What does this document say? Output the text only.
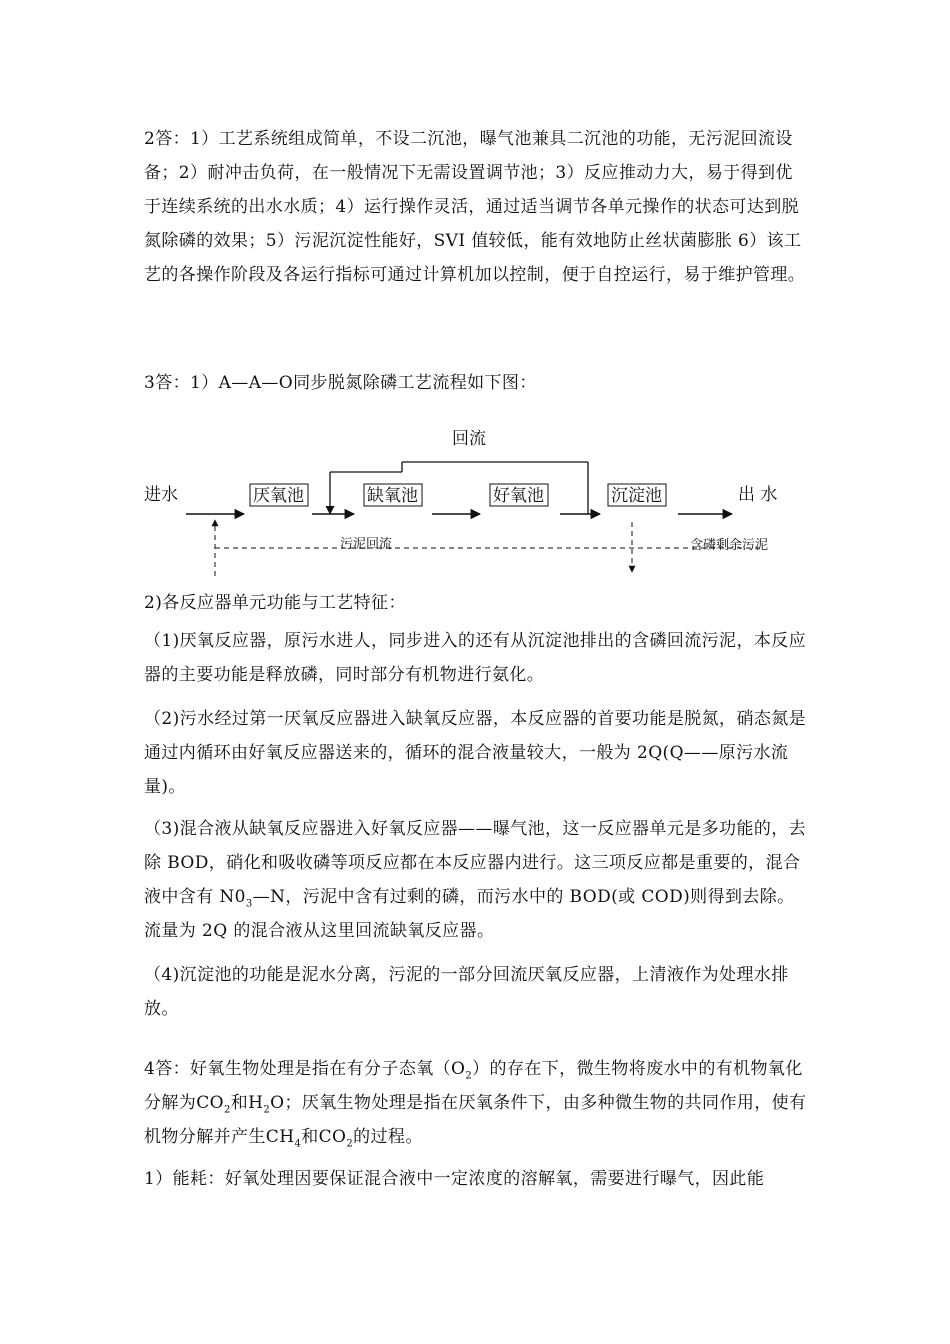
2答：1）工艺系统组成简单，不设二沉池，曝气池兼具二沉池的功能，无污泥回流设备；2）耐冲击负荷，在一般情况下无需设置调节池；3）反应推动力大，易于得到优于连续系统的出水水质；4）运行操作灵活，通过适当调节各单元操作的状态可达到脱氮除磷的效果；5）污泥沉淀性能好，SVI 值较低，能有效地防止丝状菌膨胀 6）该工艺的各操作阶段及各运行指标可通过计算机加以控制，便于自控运行，易于维护管理。
3答：1）A—A—O同步脱氮除磷工艺流程如下图：
回流
进水	厌氧池	缺氧池	好氧池	沉淀池	出 水
污泥回流	含磷剩余污泥
2)各反应器单元功能与工艺特征：
（1)厌氧反应器，原污水进人，同步进入的还有从沉淀池排出的含磷回流污泥，本反应器的主要功能是释放磷，同时部分有机物进行氨化。
（2)污水经过第一厌氧反应器进入缺氧反应器，本反应器的首要功能是脱氮，硝态氮是通过内循环由好氧反应器送来的，循环的混合液量较大，一般为 2Q(Q——原污水流量)。
（3)混合液从缺氧反应器进入好氧反应器——曝气池，这一反应器单元是多功能的，去除 BOD，硝化和吸收磷等项反应都在本反应器内进行。这三项反应都是重要的，混合液中含有 $N0_3—N$，污泥中含有过剩的磷，而污水中的 BOD(或 COD)则得到去除。流量为 2Q 的混合液从这里回流缺氧反应器。
（4)沉淀池的功能是泥水分离，污泥的一部分回流厌氧反应器，上清液作为处理水排放。
4答：好氧生物处理是指在有分子态氧$(O_2)$的存在下，微生物将废水中的有机物氧化分解为$CO_2$和$H_2O$；厌氧生物处理是指在厌氧条件下，由多种微生物的共同作用，使有机物分解并产生$CH_4$和$CO_2$的过程。
1）能耗：好氧处理因要保证混合液中一定浓度的溶解氧，需要进行曝气，因此能
